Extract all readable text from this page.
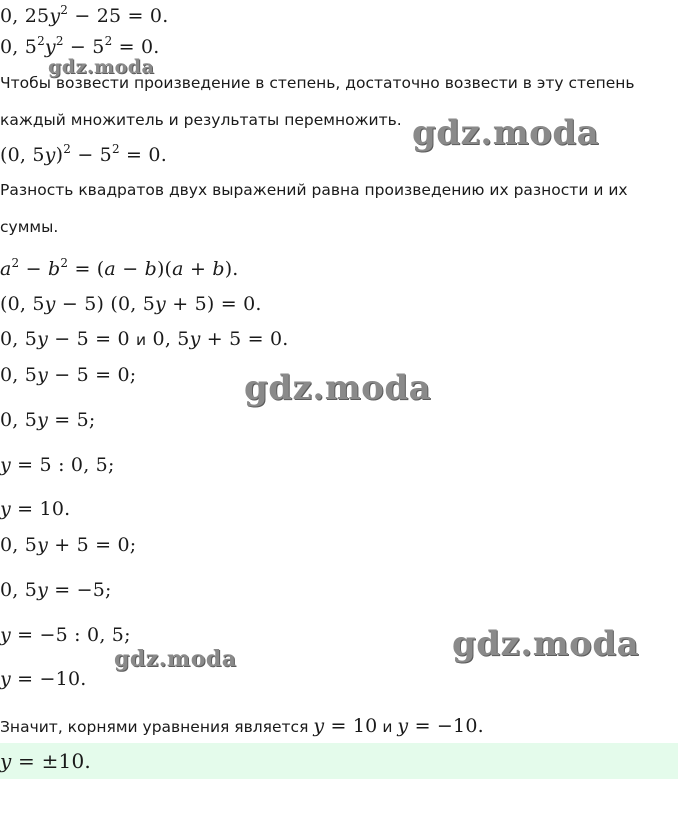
0, $25y^2 - 25 = 0$.
0, $5^2y^2 - 5^2 = 0$.
Чтобы возвести произведение в степень, достаточно возвести в эту степень
каждый множитель и результаты перемножить.
(0, $5y)^2 - 5^2 = 0$.
Разность квадратов двух выражений равна произведению их разности и их
суммы.
$a^2 - b^2 = (a - b)(a + b)$.
(0, 5y − 5) (0, 5y + 5) = 0.
0, 5y − 5 = 0 и 0, 5y + 5 = 0.
0, 5y − 5 = 0;
0, 5y = 5;
y = 5 : 0, 5;
y = 10.
0, 5y + 5 = 0;
0, 5y = −5;
y = −5 : 0, 5;
y = −10.
Значит, корнями уравнения является y = 10 и y = −10.
y = ±10.
gdz.moda
gdz.moda
gdz.moda
gdz.moda
gdz.moda
